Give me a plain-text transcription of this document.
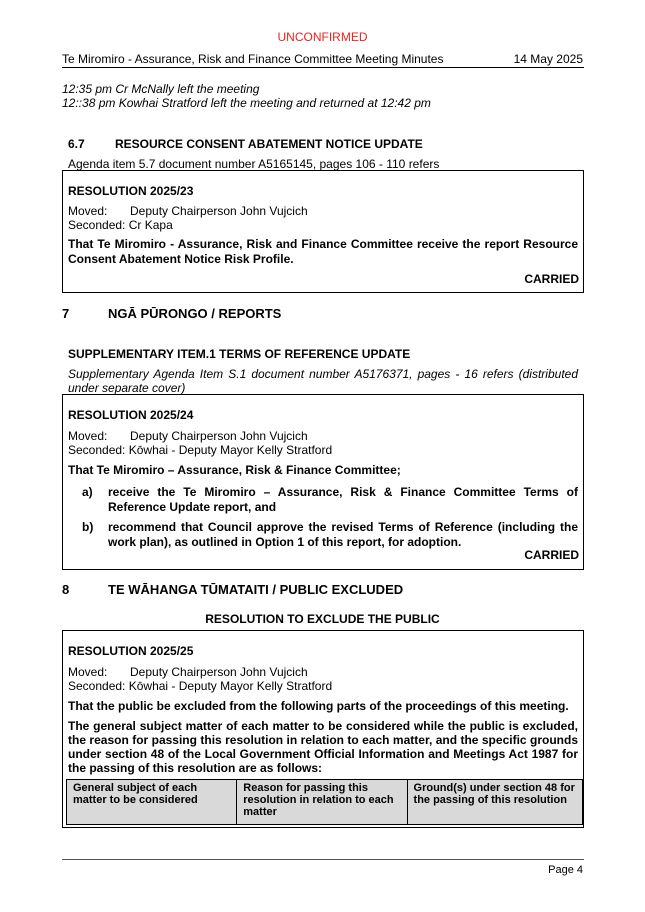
UNCONFIRMED
Te Miromiro - Assurance, Risk and Finance Committee Meeting Minutes	14 May 2025
12:35 pm Cr McNally left the meeting
12::38 pm Kowhai Stratford left the meeting and returned at 12:42 pm
6.7	RESOURCE CONSENT ABATEMENT NOTICE UPDATE
Agenda item 5.7 document number A5165145, pages 106 - 110 refers
RESOLUTION 2025/23
Moved: Deputy Chairperson John Vujcich
Seconded: Cr Kapa
That Te Miromiro - Assurance, Risk and Finance Committee receive the report Resource Consent Abatement Notice Risk Profile.
CARRIED
7	NGĀ PŪRONGO / REPORTS
SUPPLEMENTARY ITEM.1 TERMS OF REFERENCE UPDATE
Supplementary Agenda Item S.1 document number A5176371, pages - 16 refers (distributed under separate cover)
RESOLUTION 2025/24
Moved: Deputy Chairperson John Vujcich
Seconded: Kōwhai - Deputy Mayor Kelly Stratford
That Te Miromiro – Assurance, Risk & Finance Committee;
a) receive the Te Miromiro – Assurance, Risk & Finance Committee Terms of Reference Update report, and
b) recommend that Council approve the revised Terms of Reference (including the work plan), as outlined in Option 1 of this report, for adoption.
CARRIED
8	TE WĀHANGA TŪMATAITI / PUBLIC EXCLUDED
RESOLUTION TO EXCLUDE THE PUBLIC
RESOLUTION 2025/25
Moved: Deputy Chairperson John Vujcich
Seconded: Kōwhai - Deputy Mayor Kelly Stratford
That the public be excluded from the following parts of the proceedings of this meeting.
The general subject matter of each matter to be considered while the public is excluded, the reason for passing this resolution in relation to each matter, and the specific grounds under section 48 of the Local Government Official Information and Meetings Act 1987 for the passing of this resolution are as follows:
General subject of each matter to be considered	Reason for passing this resolution in relation to each matter	Ground(s) under section 48 for the passing of this resolution
Page 4
